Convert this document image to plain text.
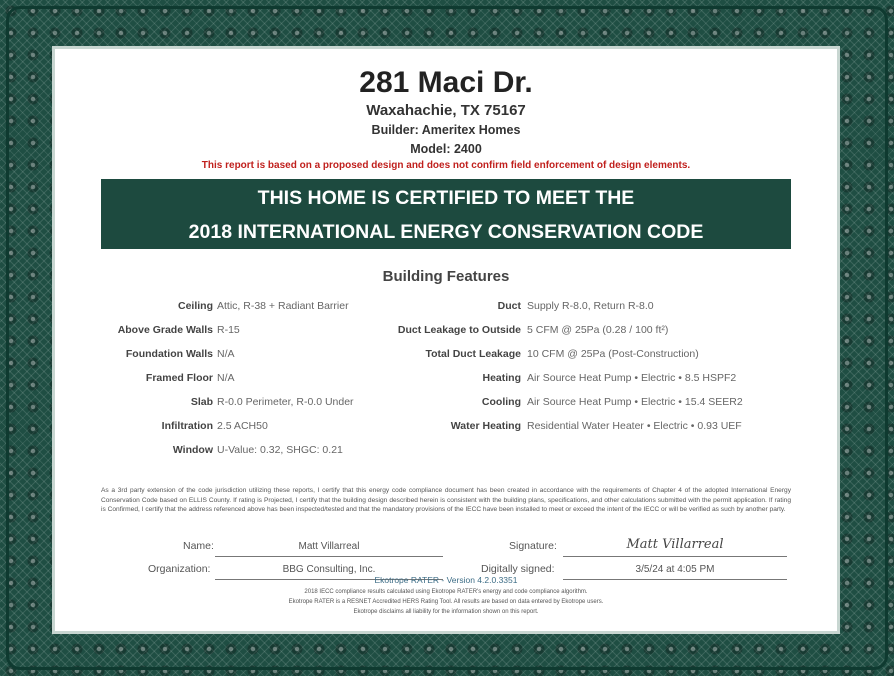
281 Maci Dr.
Waxahachie, TX 75167
Builder: Ameritex Homes
Model: 2400
This report is based on a proposed design and does not confirm field enforcement of design elements.
THIS HOME IS CERTIFIED TO MEET THE
2018 INTERNATIONAL ENERGY CONSERVATION CODE
Building Features
Ceiling Attic, R-38 + Radiant Barrier
Above Grade Walls R-15
Foundation Walls N/A
Framed Floor N/A
Slab R-0.0 Perimeter, R-0.0 Under
Infiltration 2.5 ACH50
Window U-Value: 0.32, SHGC: 0.21
Duct Supply R-8.0, Return R-8.0
Duct Leakage to Outside 5 CFM @ 25Pa (0.28 / 100 ft²)
Total Duct Leakage 10 CFM @ 25Pa (Post-Construction)
Heating Air Source Heat Pump • Electric • 8.5 HSPF2
Cooling Air Source Heat Pump • Electric • 15.4 SEER2
Water Heating Residential Water Heater • Electric • 0.93 UEF
As a 3rd party extension of the code jurisdiction utilizing these reports, I certify that this energy code compliance document has been created in accordance with the requirements of Chapter 4 of the adopted International Energy Conservation Code based on ELLIS County. If rating is Projected, I certify that the building design described herein is consistent with the building plans, specifications, and other calculations submitted with the permit application. If rating is Confirmed, I certify that the address referenced above has been inspected/tested and that the mandatory provisions of the IECC have been installed to meet or exceed the intent of the IECC or will be verified as such by another party.
Name:	Matt Villarreal
Organization:	BBG Consulting, Inc.
Signature:	Matt Villarreal
Digitally signed:	3/5/24 at 4:05 PM
Ekotrope RATER - Version 4.2.0.3351
2018 IECC compliance results calculated using Ekotrope RATER's energy and code compliance algorithm.
Ekotrope RATER is a RESNET Accredited HERS Rating Tool. All results are based on data entered by Ekotrope users.
Ekotrope disclaims all liability for the information shown on this report.
